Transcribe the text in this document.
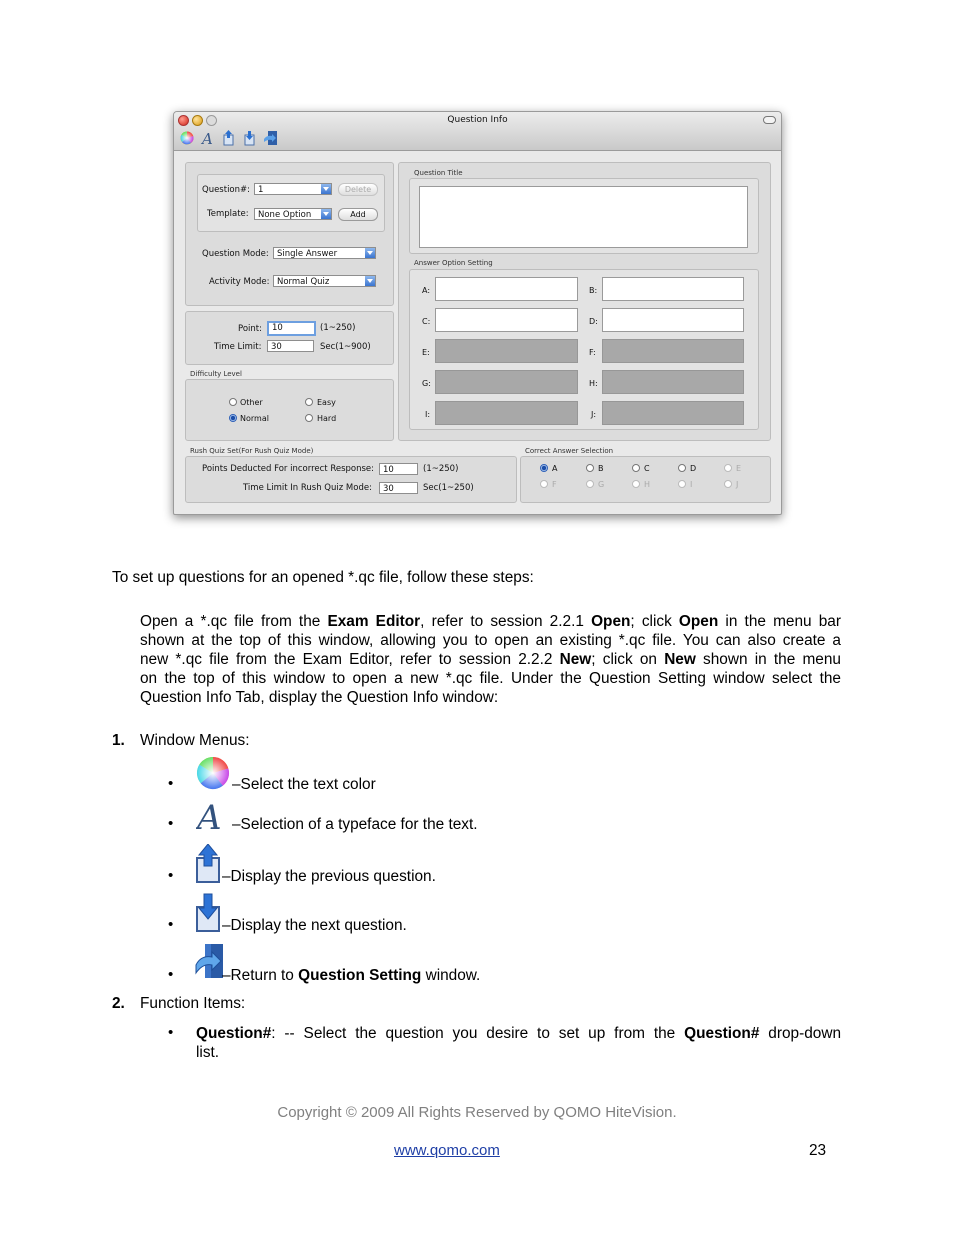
Question Info
A
Question#: 1	Delete
Template:	None Option	Add
Question Mode: Single Answer
Activity Mode: Normal Quiz
Point:	10	(1~250)
Time Limit:	30	Sec(1~900)
Difficulty Level
Other	Easy
Normal	Hard
Question Title
Answer Option Setting
A:	B:
C:	D:
E:	F:
G:	H:
I:	J:
Rush Quiz Set(For Rush Quiz Mode)
Points Deducted For incorrect Response:	10	(1~250)
Time Limit In Rush Quiz Mode:	30	Sec(1~250)
Correct Answer Selection
A	B	C	D	E
F	G	H	I	J
To set up questions for an opened *.qc file, follow these steps:
Open a *.qc file from the Exam Editor, refer to session 2.2.1 Open; click Open in the menu bar
shown at the top of this window, allowing you to open an existing *.qc file. You can also create a
new *.qc file from the Exam Editor, refer to session 2.2.2 New; click on New shown in the menu
on the top of this window to open a new *.qc file. Under the Question Setting window select the
Question Info Tab, display the Question Info window:
1. Window Menus:
•	–Select the text color
• A –Selection of a typeface for the text.
•	–Display the previous question.
•	–Display the next question.
•	–Return to Question Setting window.
2. Function Items:
• Question#: -- Select the question you desire to set up from the Question# drop-down
list.
Copyright © 2009 All Rights Reserved by QOMO HiteVision.
www.qomo.com	23
